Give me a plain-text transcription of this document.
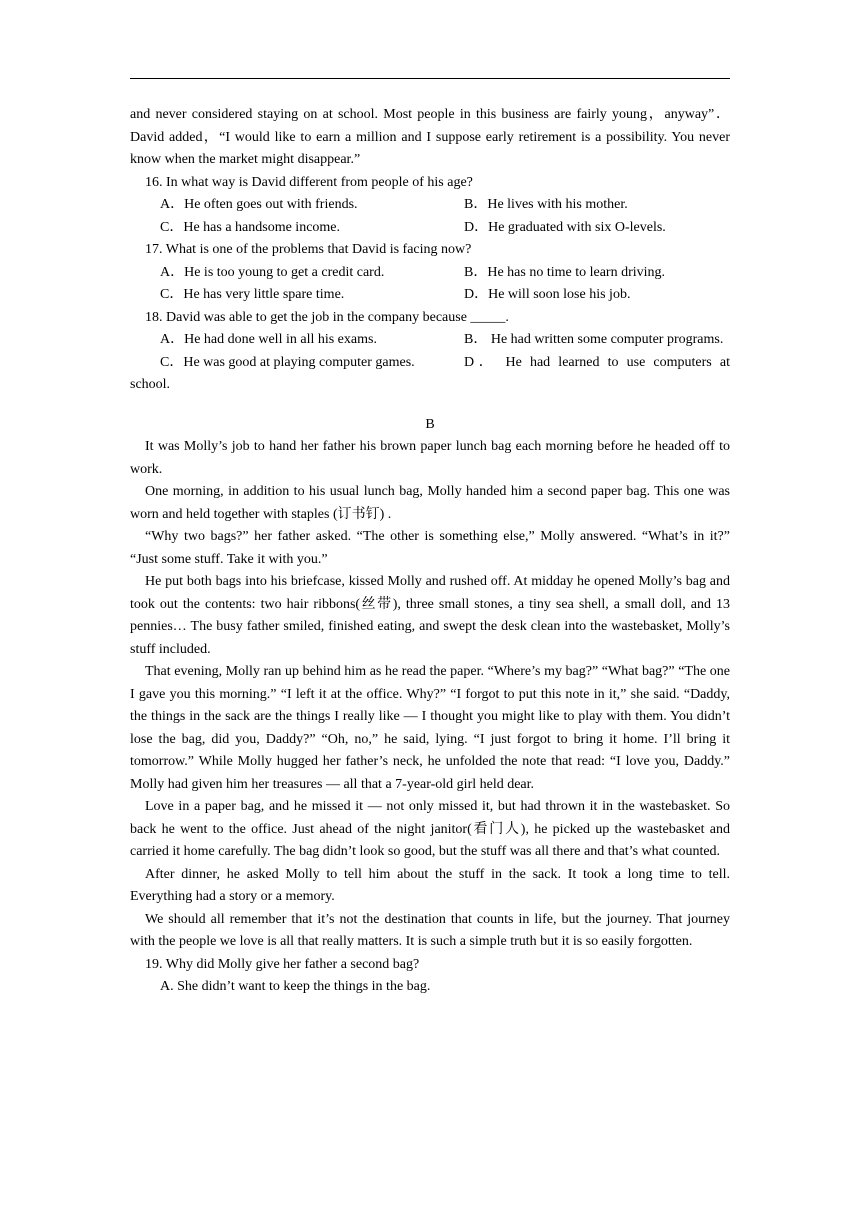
and never considered staying on at school. Most people in this business are fairly young，anyway”． David added，“I would like to earn a million and I suppose early retirement is a possibility. You never know when the market might disappear.”

16. In what way is David different from people of his age?

A．He often goes out with friends.	B．He lives with his mother.
C．He has a handsome income.	D．He graduated with six O-levels.

17. What is one of the problems that David is facing now?

A．He is too young to get a credit card.	B．He has no time to learn driving.
C．He has very little spare time.	D．He will soon lose his job.

18. David was able to get the job in the company because _____.

A．He had done well in all his exams.	B． He had written some computer programs.

C．He was good at playing computer games.	D． He had learned to use computers at school.

B

It was Molly’s job to hand her father his brown paper lunch bag each morning before he headed off to work.

One morning, in addition to his usual lunch bag, Molly handed him a second paper bag. This one was worn and held together with staples (订书钉) .

“Why two bags?” her father asked. “The other is something else,” Molly answered. “What’s in it?” “Just some stuff. Take it with you.”

He put both bags into his briefcase, kissed Molly and rushed off. At midday he opened Molly’s bag and took out the contents: two hair ribbons(丝带), three small stones, a tiny sea shell, a small doll, and 13 pennies… The busy father smiled, finished eating, and swept the desk clean into the wastebasket, Molly’s stuff included.

That evening, Molly ran up behind him as he read the paper. “Where’s my bag?” “What bag?” “The one I gave you this morning.” “I left it at the office. Why?” “I forgot to put this note in it,” she said. “Daddy, the things in the sack are the things I really like — I thought you might like to play with them. You didn’t lose the bag, did you, Daddy?” “Oh, no,” he said, lying. “I just forgot to bring it home. I’ll bring it tomorrow.” While Molly hugged her father’s neck, he unfolded the note that read: “I love you, Daddy.” Molly had given him her treasures — all that a 7-year-old girl held dear.

Love in a paper bag, and he missed it — not only missed it, but had thrown it in the wastebasket. So back he went to the office. Just ahead of the night janitor(看门人), he picked up the wastebasket and carried it home carefully. The bag didn’t look so good, but the stuff was all there and that’s what counted.

After dinner, he asked Molly to tell him about the stuff in the sack. It took a long time to tell. Everything had a story or a memory.

We should all remember that it’s not the destination that counts in life, but the journey. That journey with the people we love is all that really matters. It is such a simple truth but it is so easily forgotten.

19. Why did Molly give her father a second bag?

A. She didn’t want to keep the things in the bag.
